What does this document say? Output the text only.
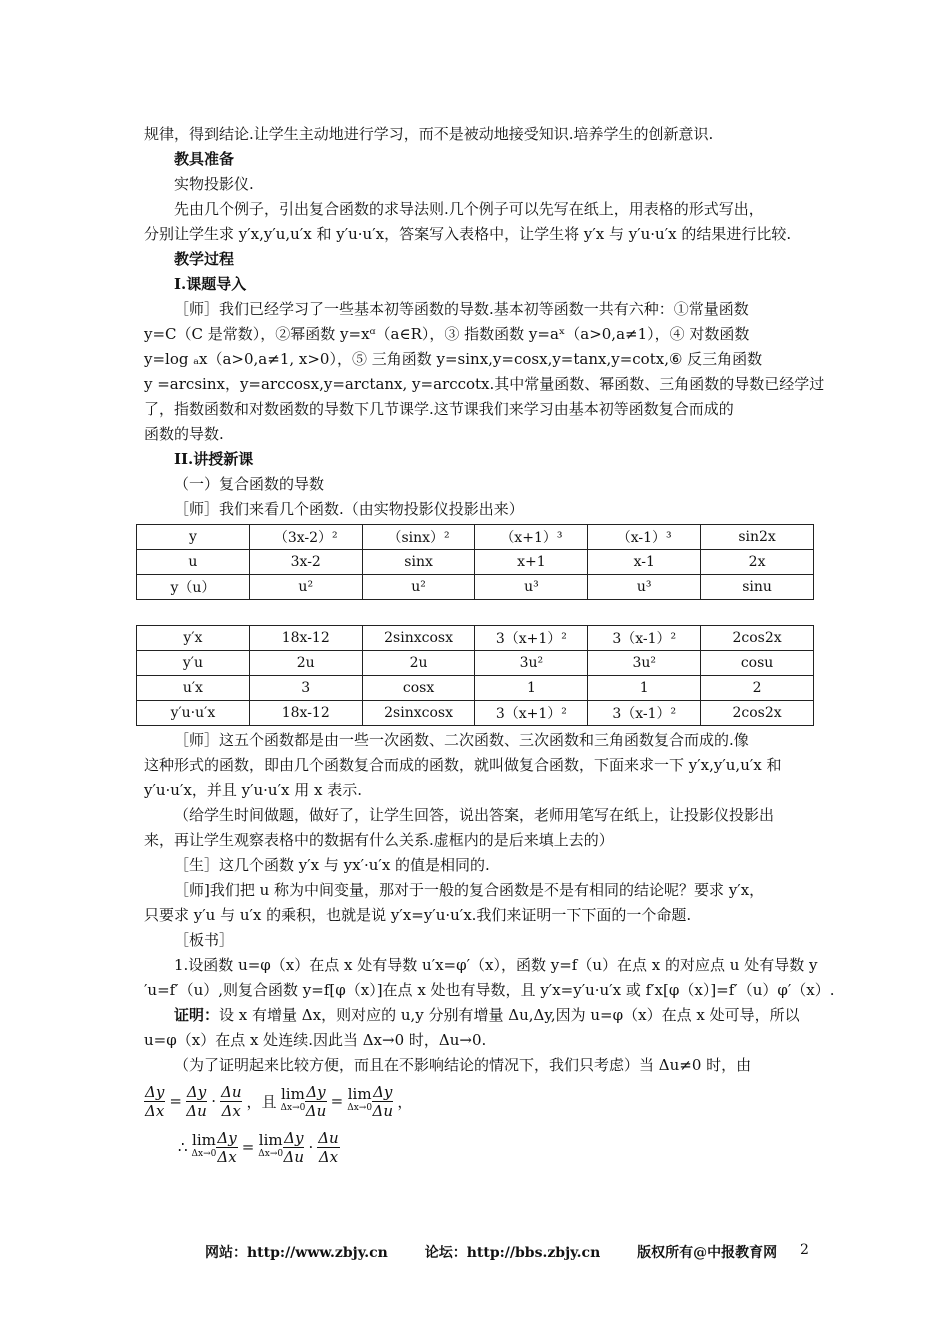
规律，得到结论.让学生主动地进行学习，而不是被动地接受知识.培养学生的创新意识.

教具准备

实物投影仪.

先由几个例子，引出复合函数的求导法则.几个例子可以先写在纸上，用表格的形式写出，

分别让学生求 y′x,y′u,u′x 和 y′u·u′x，答案写入表格中，让学生将 y′x 与 y′u·u′x 的结果进行比较.

教学过程

I.课题导入

［师］我们已经学习了一些基本初等函数的导数.基本初等函数一共有六种：①常量函数

y=C（C 是常数），②幂函数 y=xᵅ（a∈R），③ 指数函数 y=aˣ（a>0,a≠1），④ 对数函数

y=log ₐx（a>0,a≠1, x>0），⑤ 三角函数 y=sinx,y=cosx,y=tanx,y=cotx,⑥ 反三角函数

y =arcsinx，y=arccosx,y=arctanx, y=arccotx.其中常量函数、幂函数、三角函数的导数已经学过

了，指数函数和对数函数的导数下几节课学.这节课我们来学习由基本初等函数复合而成的

函数的导数.

II.讲授新课

（一）复合函数的导数

［师］我们来看几个函数.（由实物投影仪投影出来）

y	（3x-2）²	（sinx）²	（x+1）³	（x-1）³	sin2x
u	3x-2	sinx	x+1	x-1	2x
y（u）	u²	u²	u³	u³	sinu
y′x	18x-12	2sinxcosx	3（x+1）²	3（x-1）²	2cos2x
y′u	2u	2u	3u²	3u²	cosu
u′x	3	cosx	1	1	2
y′u·u′x	18x-12	2sinxcosx	3（x+1）²	3（x-1）²	2cos2x

［师］这五个函数都是由一些一次函数、二次函数、三次函数和三角函数复合而成的.像

这种形式的函数，即由几个函数复合而成的函数，就叫做复合函数，下面来求一下 y′x,y′u,u′x 和

y′u·u′x，并且 y′u·u′x 用 x 表示.

（给学生时间做题，做好了，让学生回答，说出答案，老师用笔写在纸上，让投影仪投影出

来，再让学生观察表格中的数据有什么关系.虚框内的是后来填上去的）

［生］这几个函数 y′x 与 yx′·u′x 的值是相同的.

［师]我们把 u 称为中间变量，那对于一般的复合函数是不是有相同的结论呢？要求 y′x，

只要求 y′u 与 u′x 的乘积，也就是说 y′x=y′u·u′x.我们来证明一下下面的一个命题.

［板书］

1.设函数 u=φ（x）在点 x 处有导数 u′x=φ′（x），函数 y=f（u）在点 x 的对应点 u 处有导数 y

′u=f′（u）,则复合函数 y=f[φ（x）]在点 x 处也有导数，且 y′x=y′u·u′x 或 f′x[φ（x）]=f′（u）φ′（x）.

证明：设 x 有增量 Δx，则对应的 u,y 分别有增量 Δu,Δy,因为 u=φ（x）在点 x 处可导，所以

u=φ（x）在点 x 处连续.因此当 Δx→0 时，Δu→0.

（为了证明起来比较方便，而且在不影响结论的情况下，我们只考虑）当 Δu≠0 时，由

$\frac{\Delta y}{\Delta x} = \frac{\Delta y}{\Delta u} \cdot \frac{\Delta u}{\Delta x}$ ，且 lim
$\Delta x\to 0 \frac{\Delta y}{\Delta u} = \lim$
$\Delta x\to 0 \frac{\Delta y}{\Delta u}$ ，
∴ lim
$\Delta x\to 0 \frac{\Delta y}{\Delta x} = \lim$
$\Delta x\to 0 \frac{\Delta y}{\Delta u} \cdot \frac{\Delta u}{\Delta x}$
网站：http://www.zbjy.cn	论坛：http://bbs.zbjy.cn	版权所有@中报教育网	2
